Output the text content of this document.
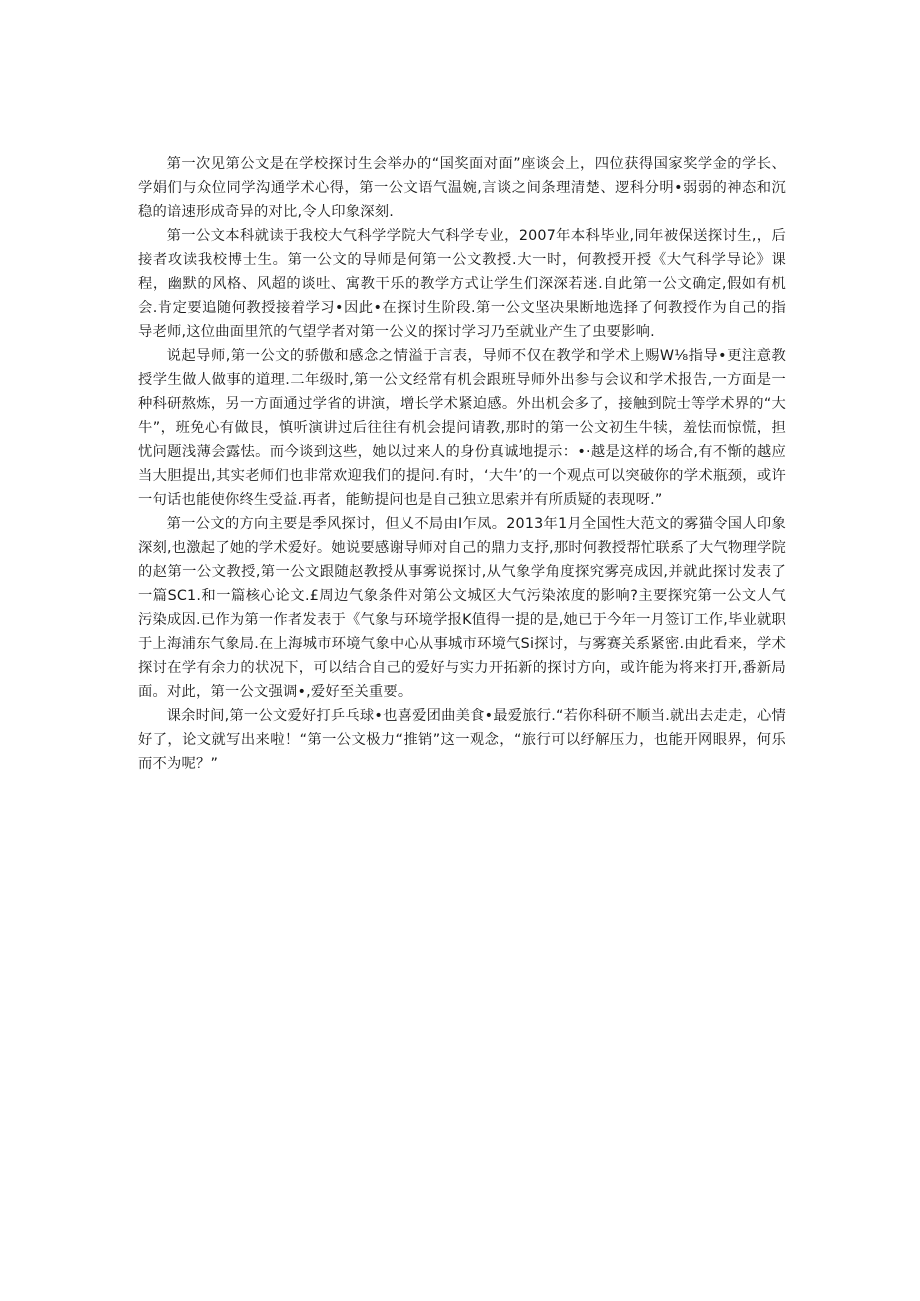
第一次见第公文是在学校探讨生会举办的“国奖面对面”座谈会上，四位获得国家奖学金的学长、学娟们与众位同学沟通学术心得，第一公文语气温婉,言谈之间条理清楚、逻科分明•弱弱的神态和沉稳的谙速形成奇异的对比,令人印象深刻.

第一公文本科就读于我校大气科学学院大气科学专业，2007年本科毕业,同年被保送探讨生,，后接者攻读我校博士生。第一公文的导师是何第一公文教授.大一时，何教授开授《大气科学导论》课程，幽默的风格、风超的谈吐、寓教干乐的教学方式让学生们深深若迷.自此第一公文确定,假如有机会.肯定要追随何教授接着学习•因此•在探讨生阶段.第一公文坚决果断地选择了何教授作为自己的指导老师,这位曲面里笊的气望学者对第一公义的探讨学习乃至就业产生了虫要影响.

说起导师,第一公文的骄傲和感念之情溢于言表，导师不仅在教学和学术上赐W⅛指导•更注意教授学生做人做事的道理.二年级时,第一公文经常有机会跟班导师外出参与会议和学术报告,一方面是一种科研熬炼，另一方面通过学省的讲演，增长学术紧迫感。外出机会多了，接触到院士等学术界的“大牛”，班免心有做艮，慎听演讲过后往往有机会提问请教,那时的第一公文初生牛犊，羞怯而惊慌，担忧问题浅薄会露怯。而今谈到这些，她以过来人的身份真诚地提示：•·越是这样的场合,有不惭的越应当大胆提出,其实老师们也非常欢迎我们的提问.有时，‘大牛’的一个观点可以突破你的学术瓶颈，或许一句话也能使你终生受益.再者，能鲂提问也是自己独立思索并有所质疑的表现呀.”

第一公文的方向主要是季风探讨，但乂不局由I乍凤。2013年1月全国性大范文的雾猫令国人印象深刻,也激起了她的学术爱好。她说要感谢导师对自己的鼎力支抒,那时何教授帮忙联系了大气物理学院的赵第一公文教授,第一公文跟随赵教授从事雾说探讨,从气象学角度探究雾亮成因,并就此探讨发表了一篇SC1.和一篇核心论文.£周边气象条件对第公文城区大气污染浓度的影响?主要探究第一公文人气污染成因.已作为第一作者发表于《气象与环境学报K值得一提的是,她已于今年一月签订工作,毕业就职于上海浦东气象局.在上海城市环境气象中心从事城市环境气Si探讨，与雾赛关系紧密.由此看来，学术探讨在学有余力的状况下，可以结合自己的爱好与实力开拓新的探讨方向，或许能为将来打开,番新局面。对此，第一公文强调•,爱好至关重要。

课余时间,第一公文爱好打乒乓球•也喜爱团曲美食•最爱旅行.“若你科研不顺当.就出去走走，心情好了，论文就写出来啦！“第一公文极力“推销”这一观念，“旅行可以纾解压力，也能开网眼界，何乐而不为呢？”
